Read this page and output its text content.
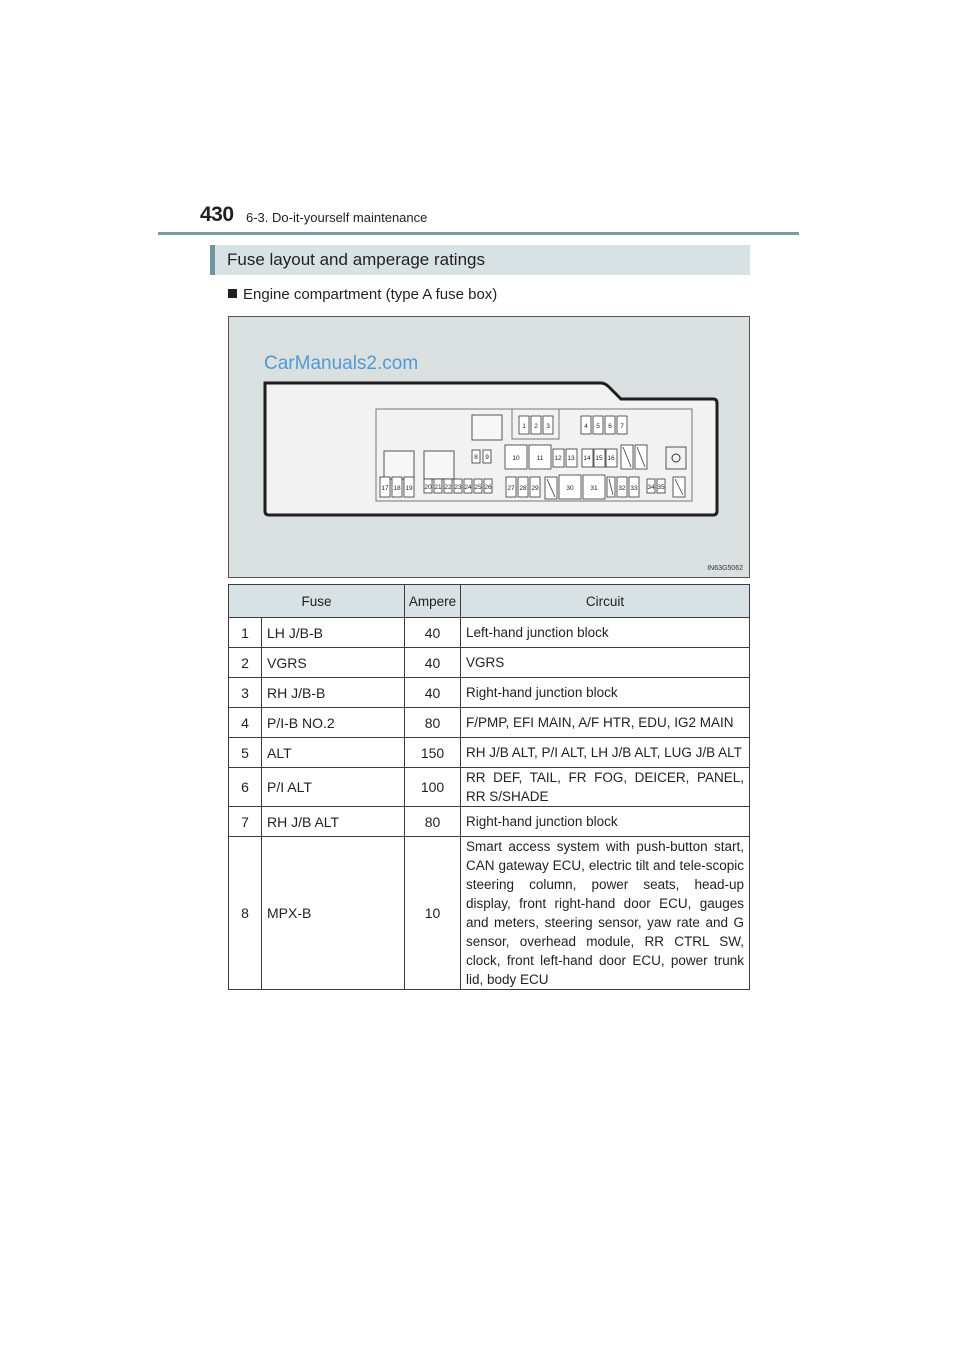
430 6-3. Do-it-yourself maintenance
Fuse layout and amperage ratings
Engine compartment (type A fuse box)
1 2 3	4 5 6 7
8 9	10	11 12 13 14 15 16
17 18 19 20 21 22 23 24 25 26 27 28 29	30	31	32 33 34 35
CarManuals2.com
IN63G5062
Fuse		Ampere	Circuit
1	LH J/B-B	40	Left-hand junction block
2	VGRS	40	VGRS
3	RH J/B-B	40	Right-hand junction block
4	P/I-B NO.2	80	F/PMP, EFI MAIN, A/F HTR, EDU, IG2 MAIN
5	ALT	150	RH J/B ALT, P/I ALT, LH J/B ALT, LUG J/B ALT
6	P/I ALT	100	RR DEF, TAIL, FR FOG, DEICER, PANEL, RR S/SHADE
7	RH J/B ALT	80	Right-hand junction block
8	MPX-B	10	Smart access system with push-button start, CAN gateway ECU, electric tilt and tele-scopic steering column, power seats, head-up display, front right-hand door ECU, gauges and meters, steering sensor, yaw rate and G sensor, overhead module, RR CTRL SW, clock, front left-hand door ECU, power trunk lid, body ECU
